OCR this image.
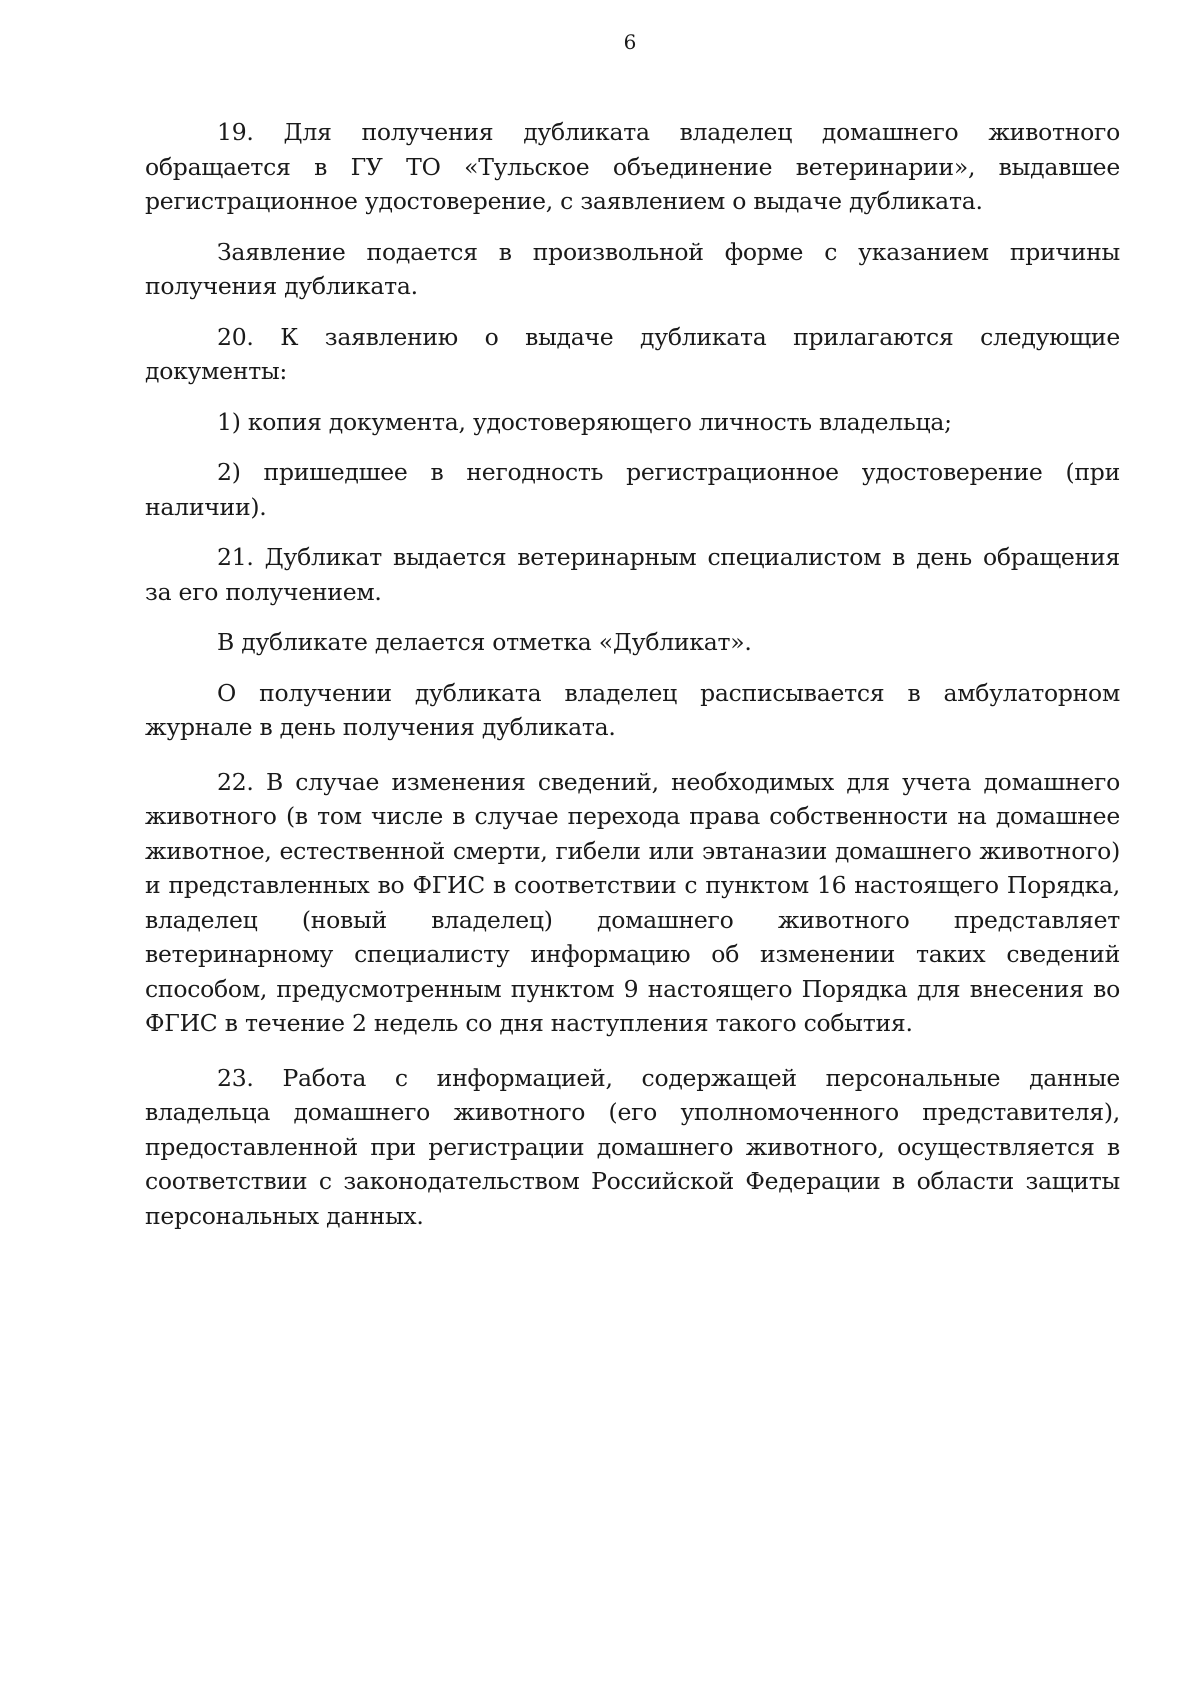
6

19. Для получения дубликата владелец домашнего животного обращается в ГУ ТО «Тульское объединение ветеринарии», выдавшее регистрационное удостоверение, с заявлением о выдаче дубликата.

Заявление подается в произвольной форме с указанием причины получения дубликата.

20. К заявлению о выдаче дубликата прилагаются следующие документы:

1) копия документа, удостоверяющего личность владельца;

2) пришедшее в негодность регистрационное удостоверение (при наличии).

21. Дубликат выдается ветеринарным специалистом в день обращения за его получением.

В дубликате делается отметка «Дубликат».

О получении дубликата владелец расписывается в амбулаторном журнале в день получения дубликата.

22. В случае изменения сведений, необходимых для учета домашнего животного (в том числе в случае перехода права собственности на домашнее животное, естественной смерти, гибели или эвтаназии домашнего животного) и представленных во ФГИС в соответствии с пунктом 16 настоящего Порядка, владелец (новый владелец) домашнего животного представляет ветеринарному специалисту информацию об изменении таких сведений способом, предусмотренным пунктом 9 настоящего Порядка для внесения во ФГИС в течение 2 недель со дня наступления такого события.

23. Работа с информацией, содержащей персональные данные владельца домашнего животного (его уполномоченного представителя), предоставленной при регистрации домашнего животного, осуществляется в соответствии с законодательством Российской Федерации в области защиты персональных данных.
